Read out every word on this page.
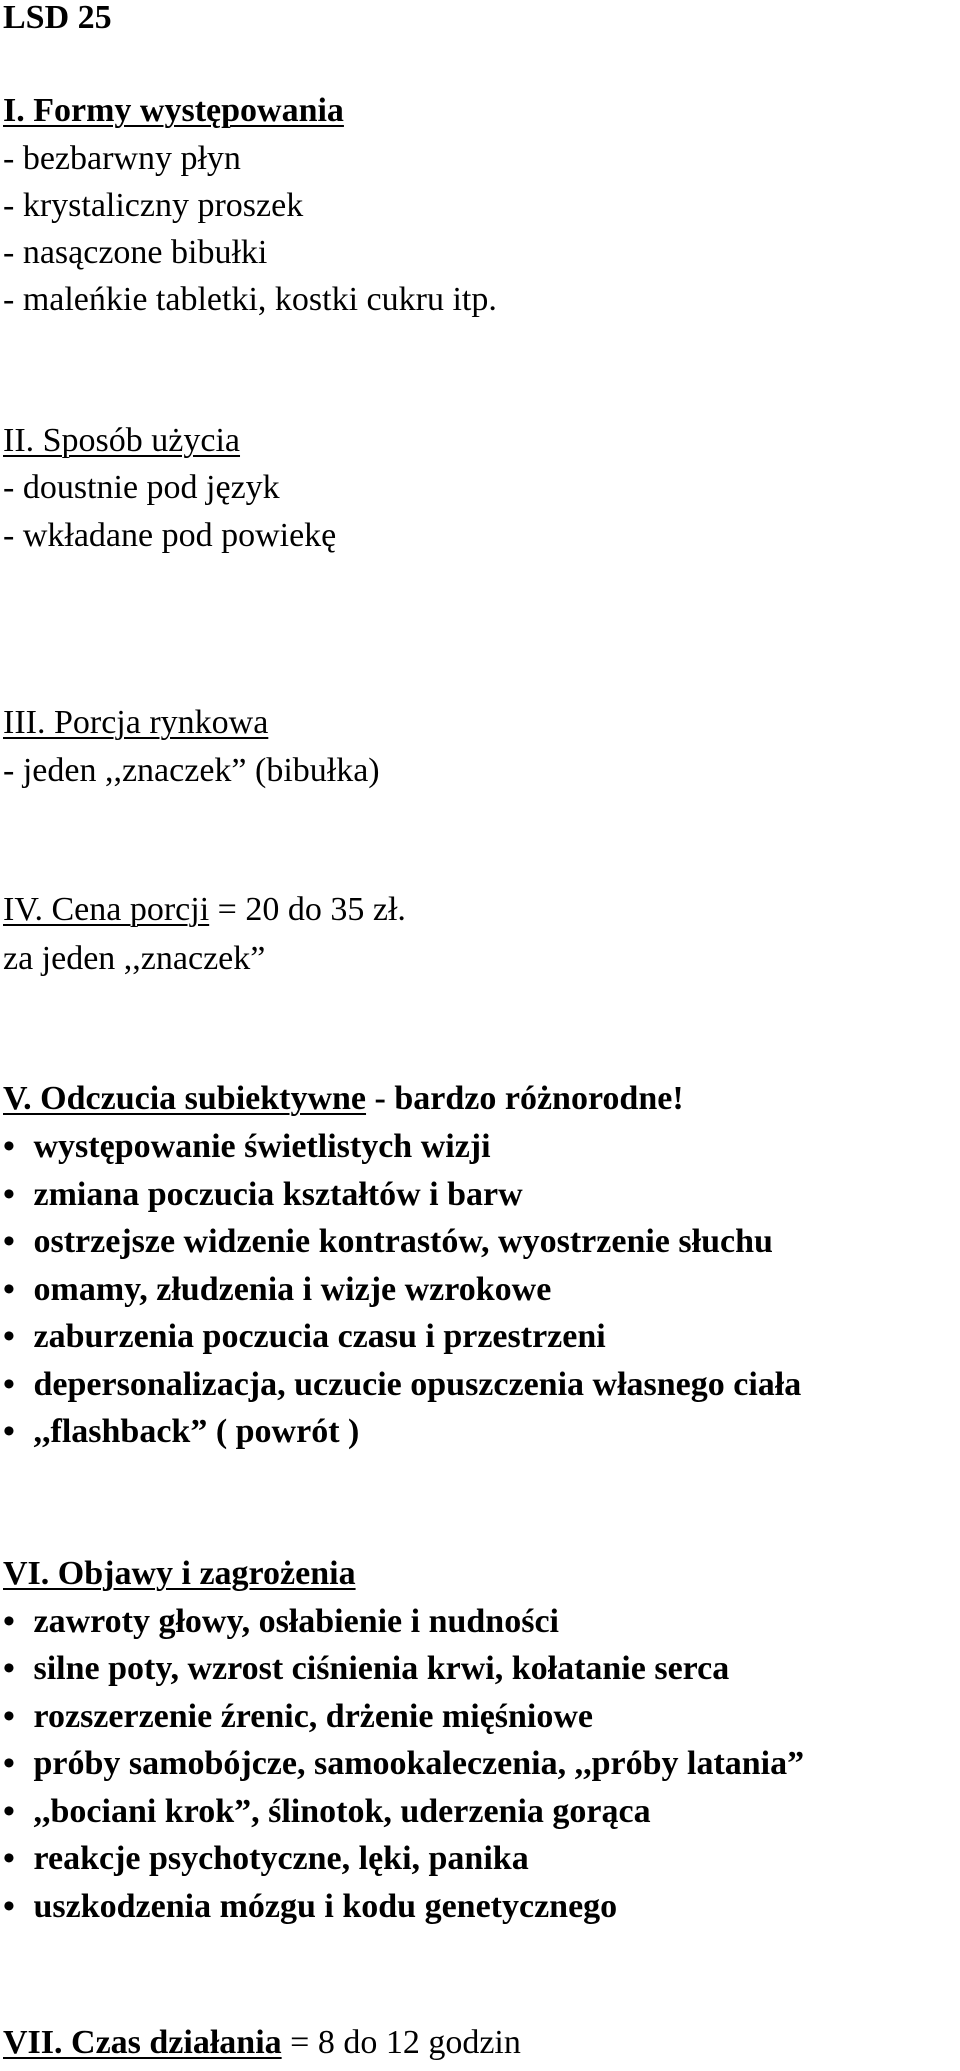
LSD 25
I. Formy występowania
- bezbarwny płyn
- krystaliczny proszek
- nasączone bibułki
- maleńkie tabletki, kostki cukru itp.
II. Sposób użycia
- doustnie pod język
- wkładane pod powiekę
III. Porcja rynkowa
- jeden ,,znaczek” (bibułka)
IV. Cena porcji = 20 do 35 zł.
za jeden ,,znaczek”
V. Odczucia subiektywne - bardzo różnorodne!
• występowanie świetlistych wizji
• zmiana poczucia kształtów i barw
• ostrzejsze widzenie kontrastów, wyostrzenie słuchu
• omamy, złudzenia i wizje wzrokowe
• zaburzenia poczucia czasu i przestrzeni
• depersonalizacja, uczucie opuszczenia własnego ciała
• ,,flashback” ( powrót )
VI. Objawy i zagrożenia
• zawroty głowy, osłabienie i nudności
• silne poty, wzrost ciśnienia krwi, kołatanie serca
• rozszerzenie źrenic, drżenie mięśniowe
• próby samobójcze, samookaleczenia, ,,próby latania”
• ,,bociani krok”, ślinotok, uderzenia gorąca
• reakcje psychotyczne, lęki, panika
• uszkodzenia mózgu i kodu genetycznego
VII. Czas działania = 8 do 12 godzin
